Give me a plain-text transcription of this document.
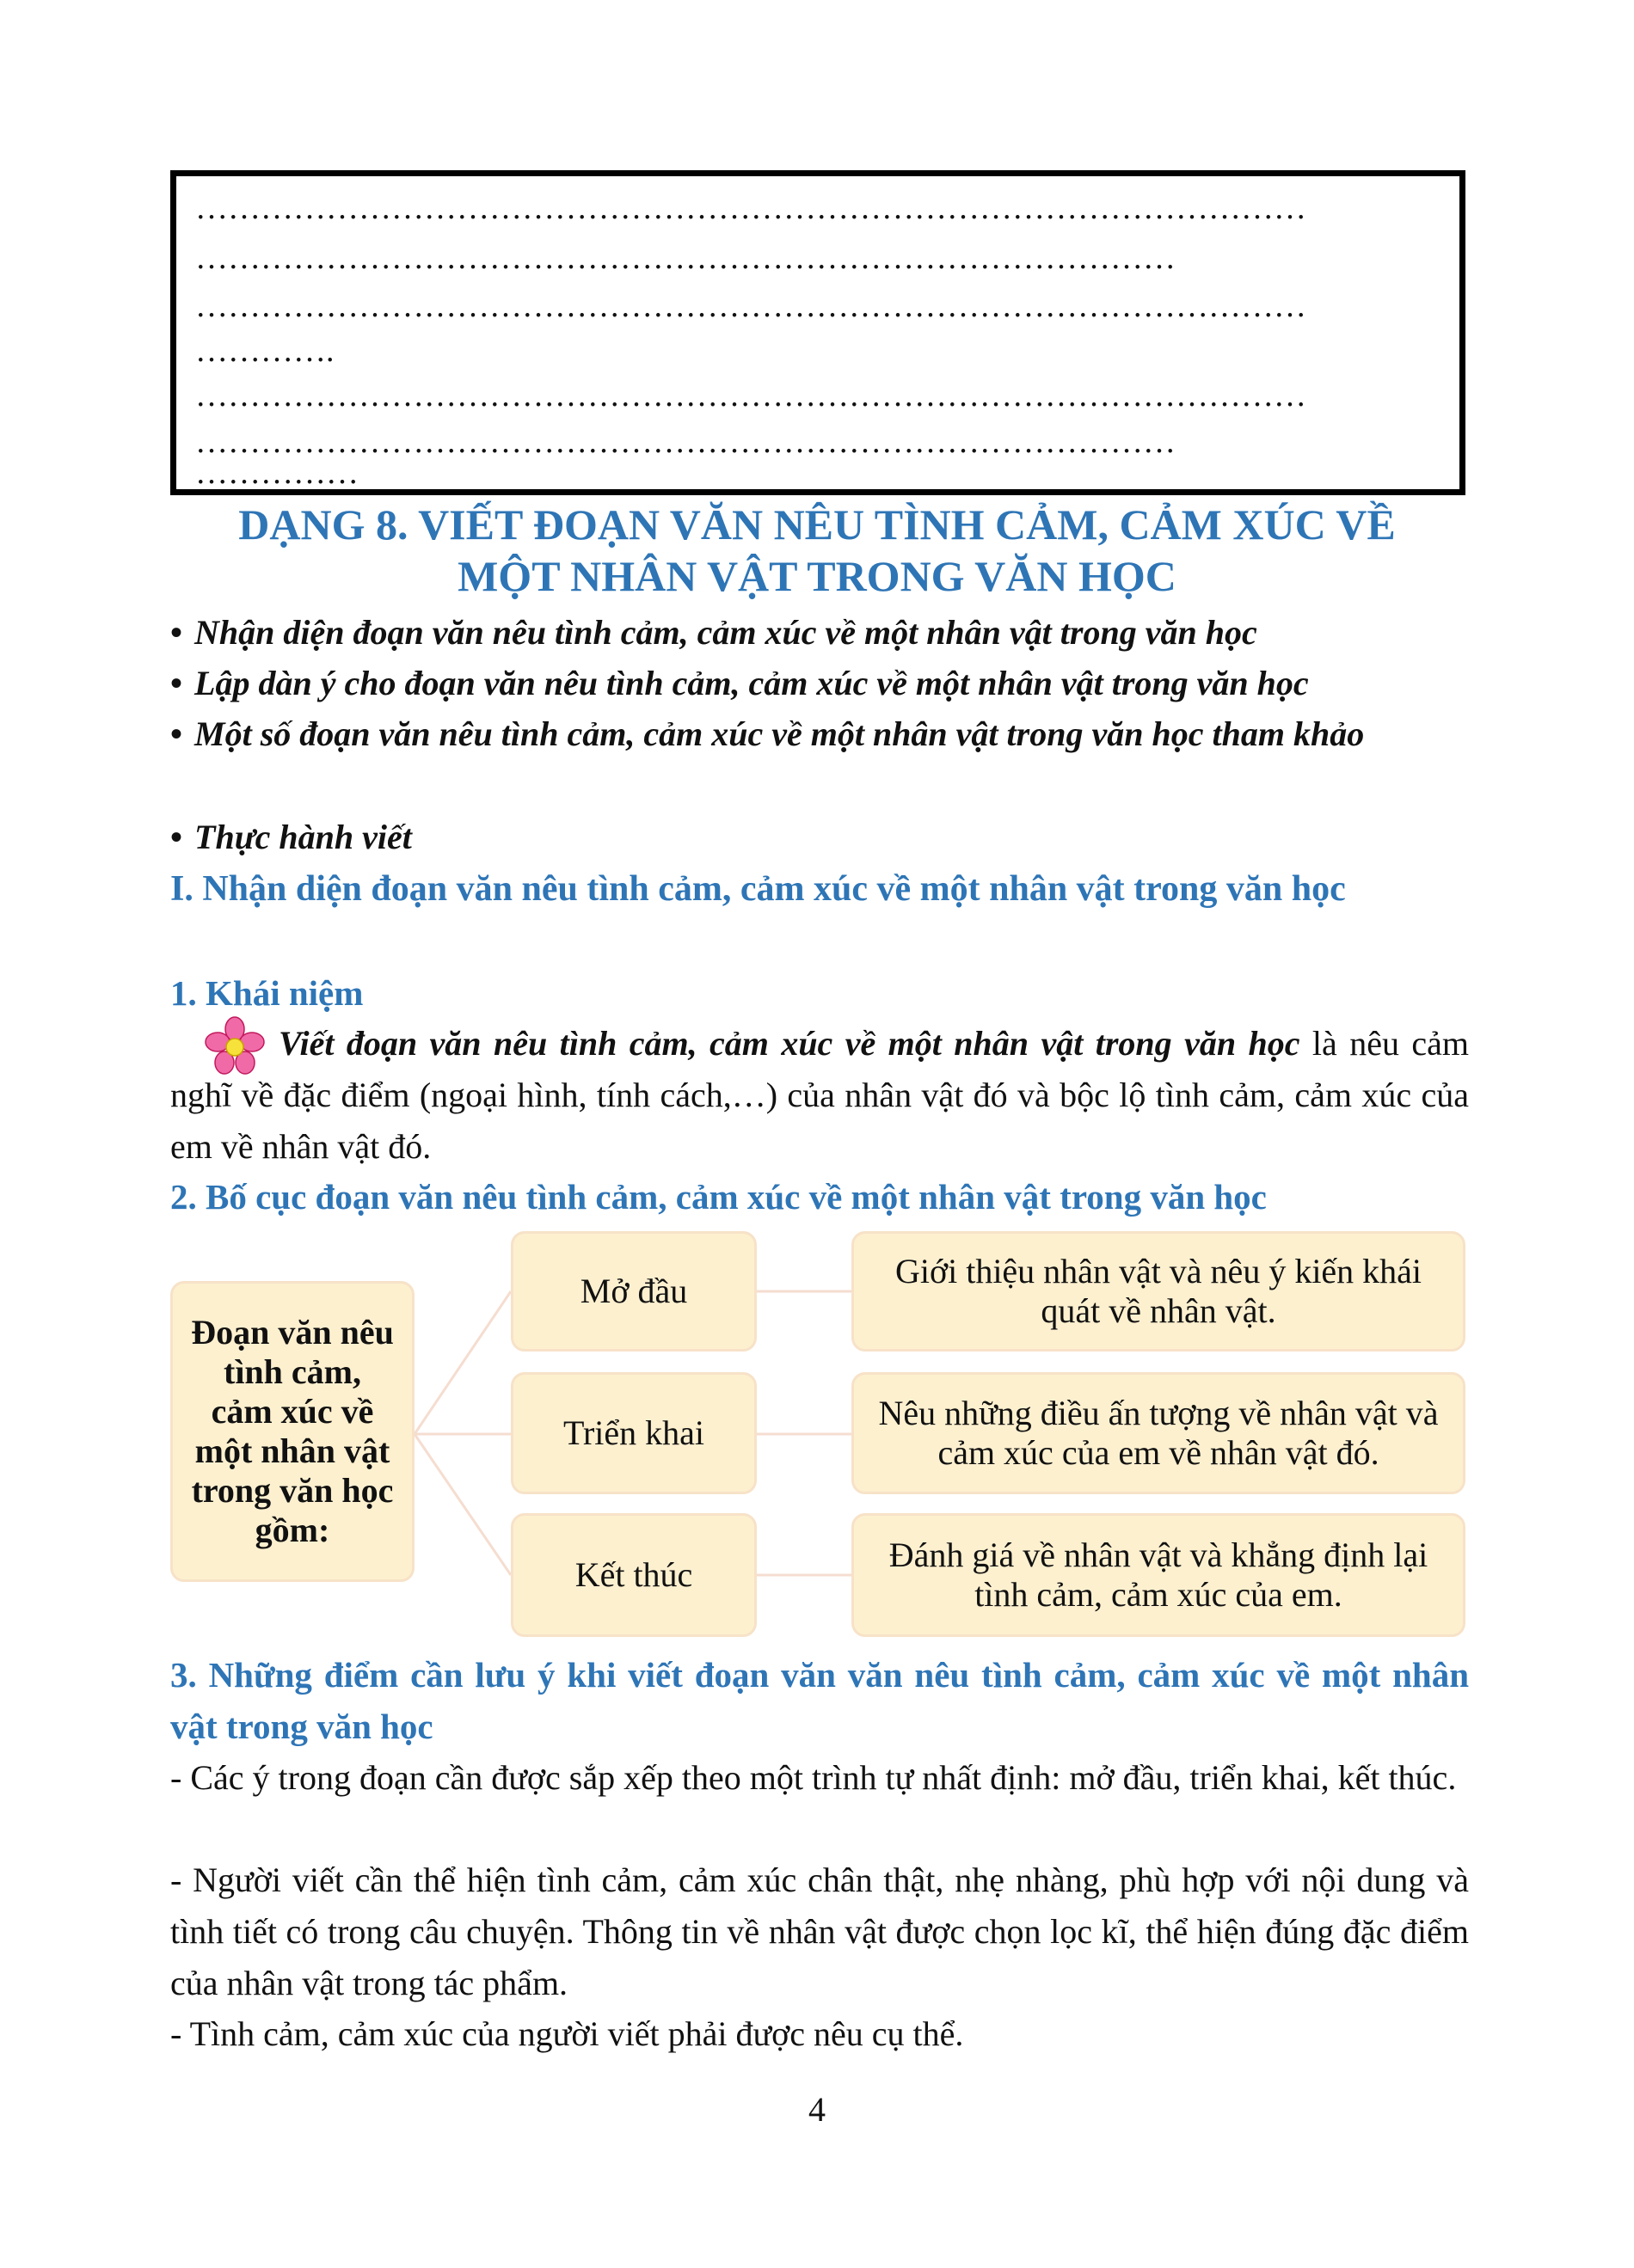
…………………………………………………………………………………………
………………………………………………………………………………
…………………………………………………………………………………………
………….
…………………………………………………………………………………………
………………………………………………………………………………
……………
DẠNG 8. VIẾT ĐOẠN VĂN NÊU TÌNH CẢM, CẢM XÚC VỀ
MỘT NHÂN VẬT TRONG VĂN HỌC
• Nhận diện đoạn văn nêu tình cảm, cảm xúc về một nhân vật trong văn học
• Lập dàn ý cho đoạn văn nêu tình cảm, cảm xúc về một nhân vật trong văn học
• Một số đoạn văn nêu tình cảm, cảm xúc về một nhân vật trong văn học tham khảo
• Thực hành viết
I. Nhận diện đoạn văn nêu tình cảm, cảm xúc về một nhân vật trong văn học
1. Khái niệm
Viết đoạn văn nêu tình cảm, cảm xúc về một nhân vật trong văn học là nêu cảm nghĩ về đặc điểm (ngoại hình, tính cách,…) của nhân vật đó và bộc lộ tình cảm, cảm xúc của em về nhân vật đó.
2. Bố cục đoạn văn nêu tình cảm, cảm xúc về một nhân vật trong văn học
Đoạn văn nêu tình cảm, cảm xúc về một nhân vật trong văn học gồm:
Mở đầu
Triển khai
Kết thúc
Giới thiệu nhân vật và nêu ý kiến khái quát về nhân vật.
Nêu những điều ấn tượng về nhân vật và cảm xúc của em về nhân vật đó.
Đánh giá về nhân vật và khẳng định lại tình cảm, cảm xúc của em.
3. Những điểm cần lưu ý khi viết đoạn văn văn nêu tình cảm, cảm xúc về một nhân vật trong văn học
- Các ý trong đoạn cần được sắp xếp theo một trình tự nhất định: mở đầu, triển khai, kết thúc.
- Người viết cần thể hiện tình cảm, cảm xúc chân thật, nhẹ nhàng, phù hợp với nội dung và tình tiết có trong câu chuyện. Thông tin về nhân vật được chọn lọc kĩ, thể hiện đúng đặc điểm của nhân vật trong tác phẩm.
- Tình cảm, cảm xúc của người viết phải được nêu cụ thể.
4
